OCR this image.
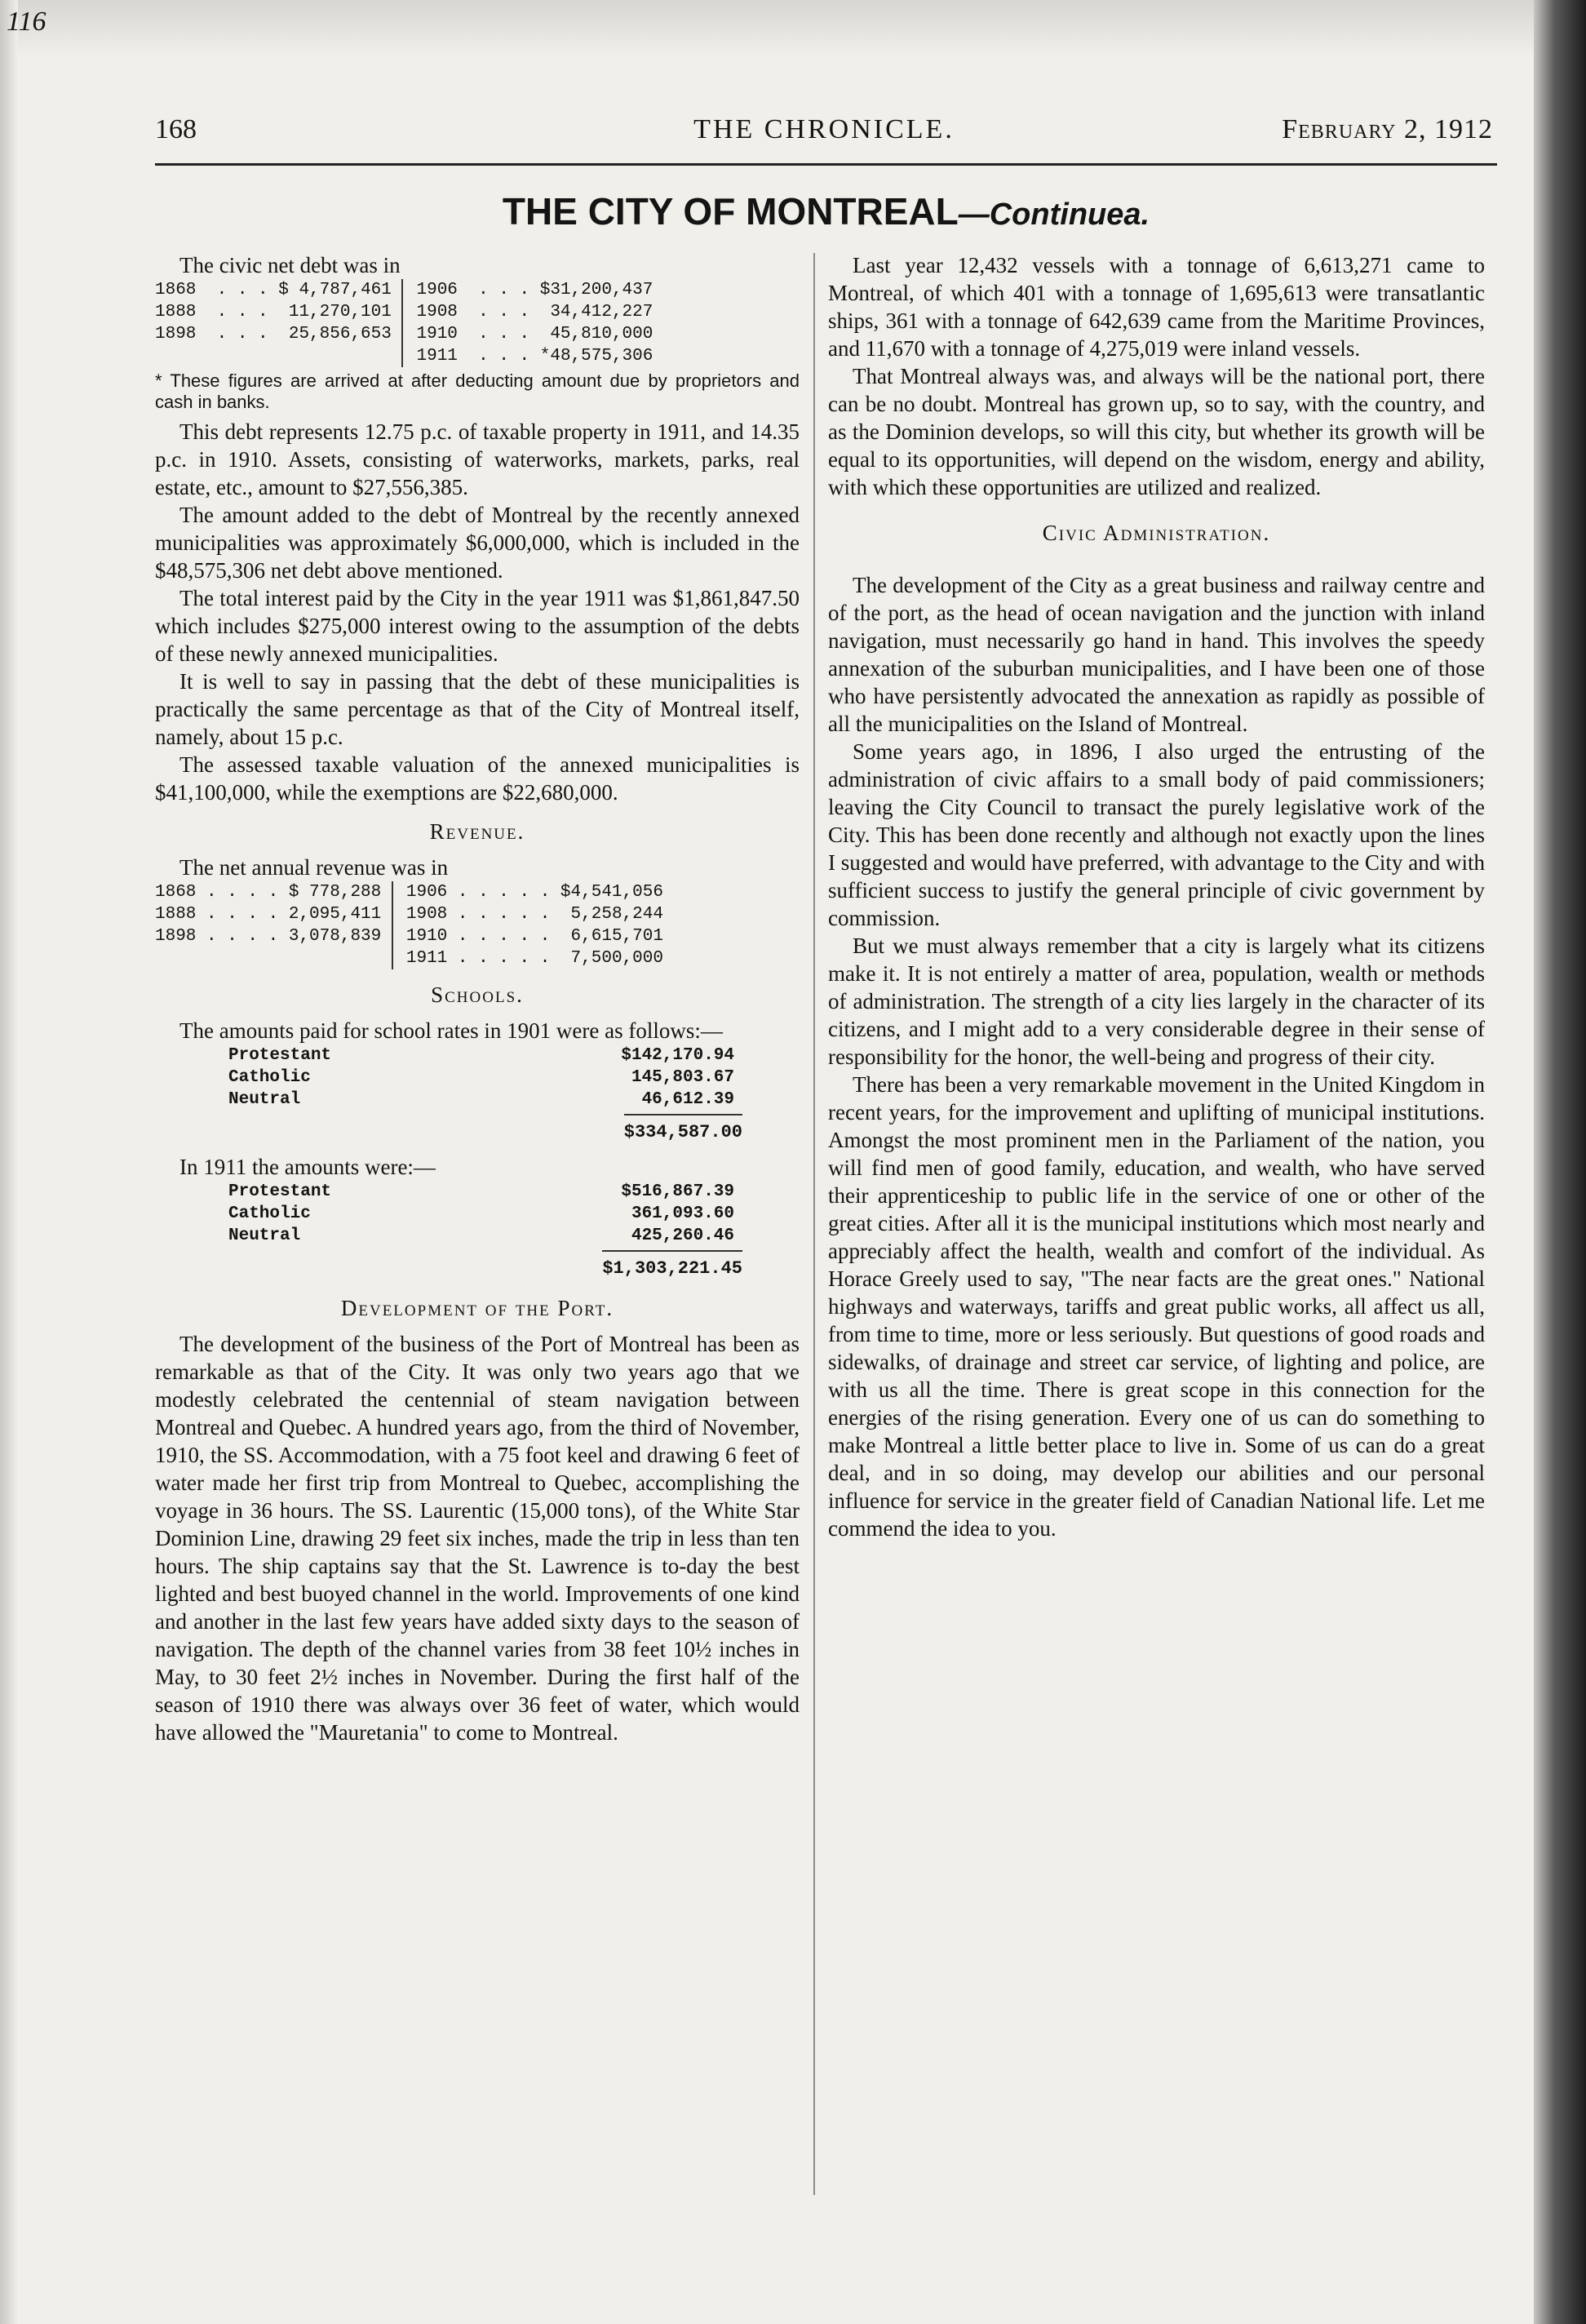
116
168	THE CHRONICLE.	February 2, 1912
THE CITY OF MONTREAL—Continuea.

The civic net debt was in

1868	. . .	$ 4,787,461			1906	. . .	$31,200,437
1888	. . .	11,270,101			1908	. . .	34,412,227
1898	. . .	25,856,653			1910	. . .	45,810,000
					1911	. . .	*48,575,306
* These figures are arrived at after deducting amount due by proprietors and cash in banks.

This debt represents 12.75 p.c. of taxable property in 1911, and 14.35 p.c. in 1910. Assets, consisting of waterworks, markets, parks, real estate, etc., amount to $27,556,385.

The amount added to the debt of Montreal by the recently annexed municipalities was approximately $6,000,000, which is included in the $48,575,306 net debt above mentioned.

The total interest paid by the City in the year 1911 was $1,861,847.50 which includes $275,000 interest owing to the assumption of the debts of these newly annexed municipalities.

It is well to say in passing that the debt of these municipalities is practically the same percentage as that of the City of Montreal itself, namely, about 15 p.c.

The assessed taxable valuation of the annexed municipalities is $41,100,000, while the exemptions are $22,680,000.

Revenue.

The net annual revenue was in

1868	. . . .	$ 778,288			1906	. . . . .	$4,541,056
1888	. . . .	2,095,411			1908	. . . . .	5,258,244
1898	. . . .	3,078,839			1910	. . . . .	6,615,701
					1911	. . . . .	7,500,000
Schools.

The amounts paid for school rates in 1901 were as follows:—

Protestant	$142,170.94
Catholic	145,803.67
Neutral	46,612.39
$334,587.00

In 1911 the amounts were:—

Protestant	$516,867.39
Catholic	361,093.60
Neutral	425,260.46
$1,303,221.45
Development of the Port.

The development of the business of the Port of Montreal has been as remarkable as that of the City. It was only two years ago that we modestly celebrated the centennial of steam navigation between Montreal and Quebec. A hundred years ago, from the third of November, 1910, the SS. Accommodation, with a 75 foot keel and drawing 6 feet of water made her first trip from Montreal to Quebec, accomplishing the voyage in 36 hours. The SS. Laurentic (15,000 tons), of the White Star Dominion Line, drawing 29 feet six inches, made the trip in less than ten hours. The ship captains say that the St. Lawrence is to-day the best lighted and best buoyed channel in the world. Improvements of one kind and another in the last few years have added sixty days to the season of navigation. The depth of the channel varies from 38 feet 10½ inches in May, to 30 feet 2½ inches in November. During the first half of the season of 1910 there was always over 36 feet of water, which would have allowed the "Mauretania" to come to Montreal.

Last year 12,432 vessels with a tonnage of 6,613,271 came to Montreal, of which 401 with a tonnage of 1,695,613 were transatlantic ships, 361 with a tonnage of 642,639 came from the Maritime Provinces, and 11,670 with a tonnage of 4,275,019 were inland vessels.

That Montreal always was, and always will be the national port, there can be no doubt. Montreal has grown up, so to say, with the country, and as the Dominion develops, so will this city, but whether its growth will be equal to its opportunities, will depend on the wisdom, energy and ability, with which these opportunities are utilized and realized.

Civic Administration.

The development of the City as a great business and railway centre and of the port, as the head of ocean navigation and the junction with inland navigation, must necessarily go hand in hand. This involves the speedy annexation of the suburban municipalities, and I have been one of those who have persistently advocated the annexation as rapidly as possible of all the municipalities on the Island of Montreal.

Some years ago, in 1896, I also urged the entrusting of the administration of civic affairs to a small body of paid commissioners; leaving the City Council to transact the purely legislative work of the City. This has been done recently and although not exactly upon the lines I suggested and would have preferred, with advantage to the City and with sufficient success to justify the general principle of civic government by commission.

But we must always remember that a city is largely what its citizens make it. It is not entirely a matter of area, population, wealth or methods of administration. The strength of a city lies largely in the character of its citizens, and I might add to a very considerable degree in their sense of responsibility for the honor, the well-being and progress of their city.

There has been a very remarkable movement in the United Kingdom in recent years, for the improvement and uplifting of municipal institutions. Amongst the most prominent men in the Parliament of the nation, you will find men of good family, education, and wealth, who have served their apprenticeship to public life in the service of one or other of the great cities. After all it is the municipal institutions which most nearly and appreciably affect the health, wealth and comfort of the individual. As Horace Greely used to say, "The near facts are the great ones." National highways and waterways, tariffs and great public works, all affect us all, from time to time, more or less seriously. But questions of good roads and sidewalks, of drainage and street car service, of lighting and police, are with us all the time. There is great scope in this connection for the energies of the rising generation. Every one of us can do something to make Montreal a little better place to live in. Some of us can do a great deal, and in so doing, may develop our abilities and our personal influence for service in the greater field of Canadian National life. Let me commend the idea to you.
